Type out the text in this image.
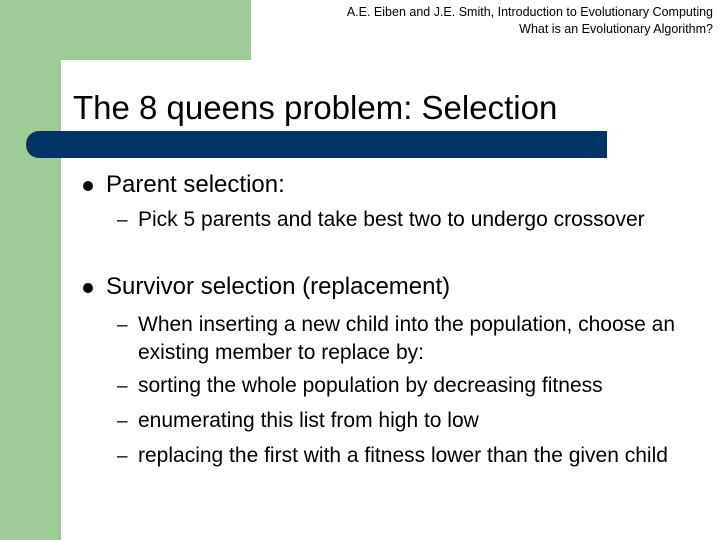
A.E. Eiben and J.E. Smith, Introduction to Evolutionary Computing
What is an Evolutionary Algorithm?
The 8 queens problem: Selection
Parent selection:
– Pick 5 parents and take best two to undergo crossover
Survivor selection (replacement)
– When inserting a new child into the population, choose an existing member to replace by:
– sorting the whole population by decreasing fitness
– enumerating this list from high to low
– replacing the first with a fitness lower than the given child
